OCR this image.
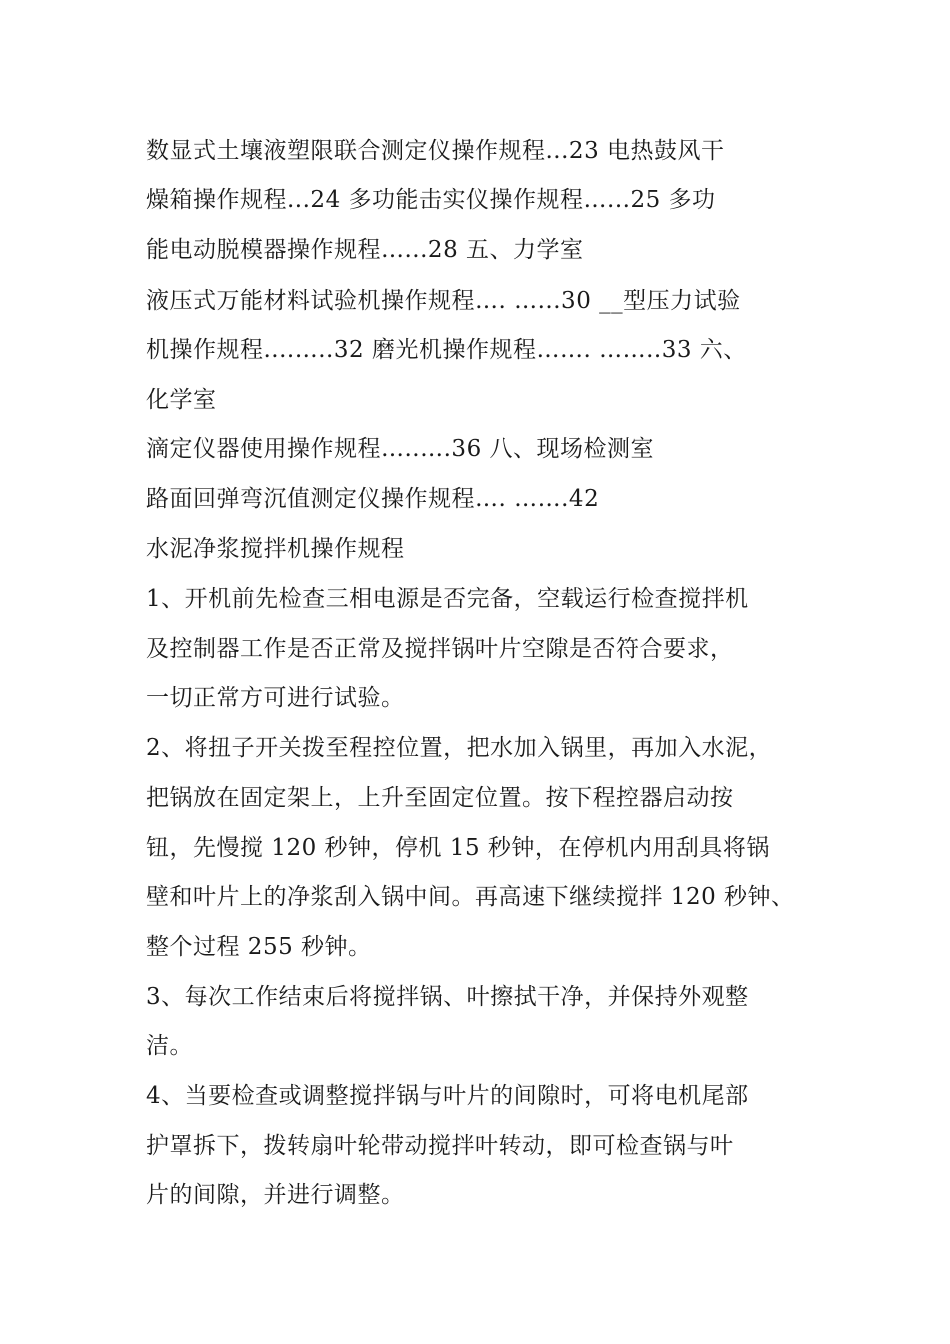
数显式土壤液塑限联合测定仪操作规程...23 电热鼓风干
燥箱操作规程...24 多功能击实仪操作规程…...25 多功
能电动脱模器操作规程…...28 五、力学室
液压式万能材料试验机操作规程…. …...30 __型压力试验
机操作规程....…..32 磨光机操作规程……. ……..33 六、
化学室
滴定仪器使用操作规程…..….36 八、现场检测室
路面回弹弯沉值测定仪操作规程…. …….42
水泥净浆搅拌机操作规程
1、开机前先检查三相电源是否完备，空载运行检查搅拌机
及控制器工作是否正常及搅拌锅叶片空隙是否符合要求，
一切正常方可进行试验。
2、将扭子开关拨至程控位置，把水加入锅里，再加入水泥，
把锅放在固定架上，上升至固定位置。按下程控器启动按
钮，先慢搅 120 秒钟，停机 15 秒钟，在停机内用刮具将锅
壁和叶片上的净浆刮入锅中间。再高速下继续搅拌 120 秒钟、
整个过程 255 秒钟。
3、每次工作结束后将搅拌锅、叶擦拭干净，并保持外观整
洁。
4、当要检查或调整搅拌锅与叶片的间隙时，可将电机尾部
护罩拆下，拨转扇叶轮带动搅拌叶转动，即可检查锅与叶
片的间隙，并进行调整。
